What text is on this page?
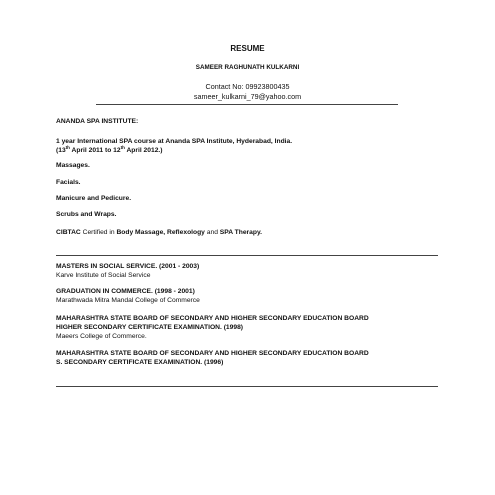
RESUME
SAMEER RAGHUNATH KULKARNI
Contact No: 09923800435
sameer_kulkarni_79@yahoo.com
ANANDA SPA INSTITUTE:
1 year International SPA course at Ananda SPA Institute, Hyderabad, India.
(13th April 2011 to 12th April 2012.)
Massages.
Facials.
Manicure and Pedicure.
Scrubs and Wraps.
CIBTAC Certified in Body Massage, Reflexology and SPA Therapy.
MASTERS IN SOCIAL SERVICE. (2001 - 2003)
Karve Institute of Social Service
GRADUATION IN COMMERCE. (1998 - 2001)
Marathwada Mitra Mandal College of Commerce
MAHARASHTRA STATE BOARD OF SECONDARY AND HIGHER SECONDARY EDUCATION BOARD
HIGHER SECONDARY CERTIFICATE EXAMINATION. (1998)
Maeers College of Commerce.
MAHARASHTRA STATE BOARD OF SECONDARY AND HIGHER SECONDARY EDUCATION BOARD
S. SECONDARY CERTIFICATE EXAMINATION. (1996)
